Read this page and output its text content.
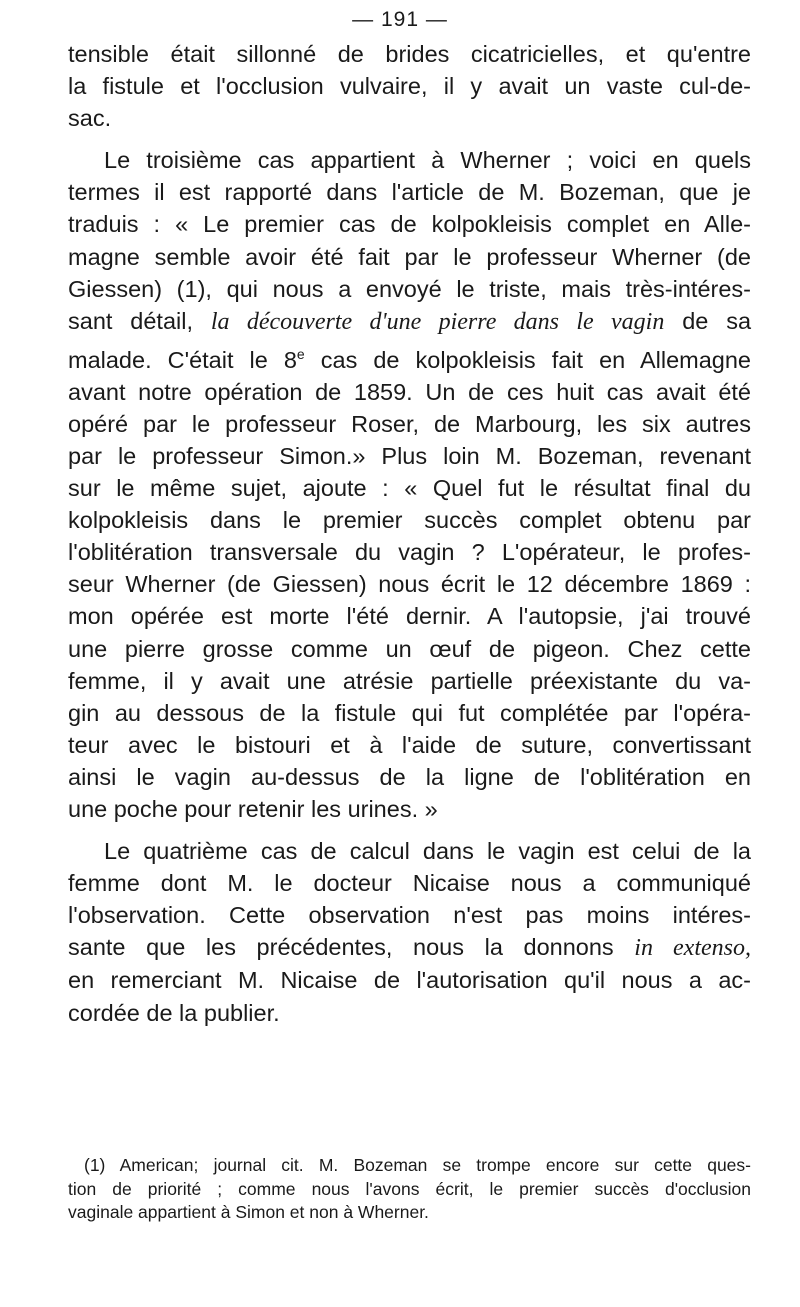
— 191 —

tensible était sillonné de brides cicatricielles, et qu'entre
la fistule et l'occlusion vulvaire, il y avait un vaste cul-de-
sac.

Le troisième cas appartient à Wherner ; voici en quels
termes il est rapporté dans l'article de M. Bozeman, que je
traduis : « Le premier cas de kolpokleisis complet en Alle-
magne semble avoir été fait par le professeur Wherner (de
Giessen) (1), qui nous a envoyé le triste, mais très-intéres-
sant détail, la découverte d'une pierre dans le vagin de sa
malade. C'était le 8e cas de kolpokleisis fait en Allemagne
avant notre opération de 1859. Un de ces huit cas avait été
opéré par le professeur Roser, de Marbourg, les six autres
par le professeur Simon.» Plus loin M. Bozeman, revenant
sur le même sujet, ajoute : « Quel fut le résultat final du
kolpokleisis dans le premier succès complet obtenu par
l'oblitération transversale du vagin ? L'opérateur, le profes-
seur Wherner (de Giessen) nous écrit le 12 décembre 1869 :
mon opérée est morte l'été dernir. A l'autopsie, j'ai trouvé
une pierre grosse comme un œuf de pigeon. Chez cette
femme, il y avait une atrésie partielle préexistante du va-
gin au dessous de la fistule qui fut complétée par l'opéra-
teur avec le bistouri et à l'aide de suture, convertissant
ainsi le vagin au-dessus de la ligne de l'oblitération en
une poche pour retenir les urines. »

Le quatrième cas de calcul dans le vagin est celui de la
femme dont M. le docteur Nicaise nous a communiqué
l'observation. Cette observation n'est pas moins intéres-
sante que les précédentes, nous la donnons in extenso,
en remerciant M. Nicaise de l'autorisation qu'il nous a ac-
cordée de la publier.

(1) American; journal cit. M. Bozeman se trompe encore sur cette ques-
tion de priorité ; comme nous l'avons écrit, le premier succès d'occlusion
vaginale appartient à Simon et non à Wherner.
